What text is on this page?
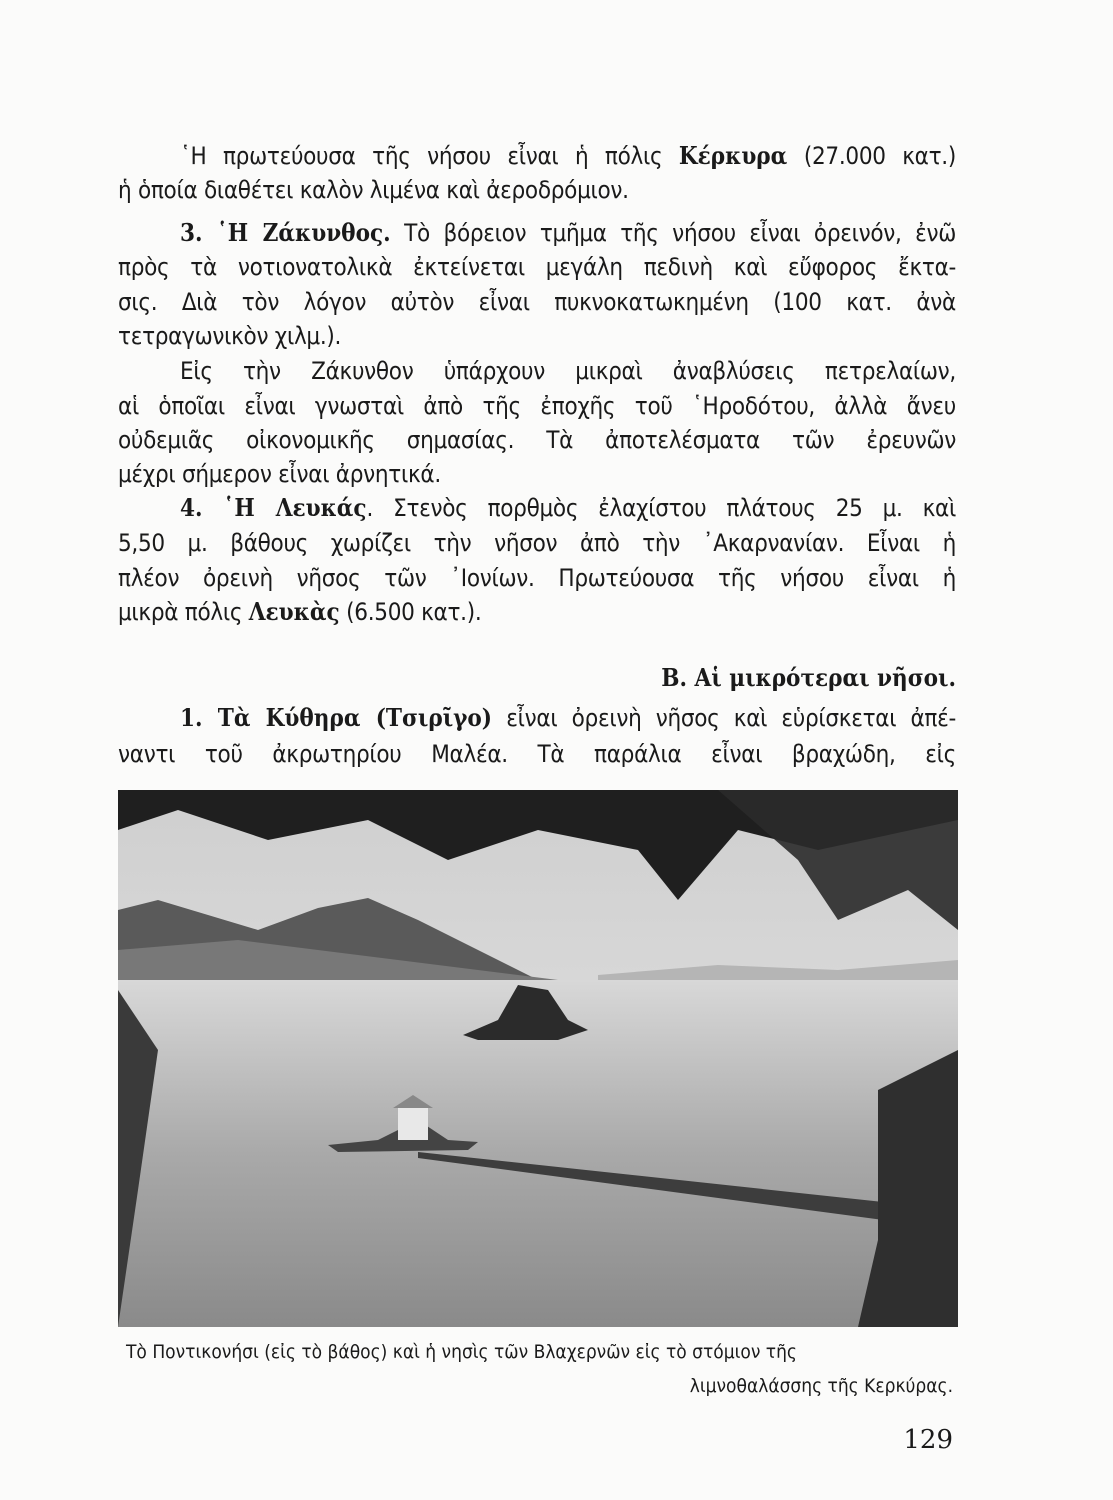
῾Η πρωτεύουσα τῆς νήσου εἶναι ἡ πόλις Κέρκυρα (27.000 κατ.)
ἡ ὁποία διαθέτει καλὸν λιμένα καὶ ἀεροδρόμιον.
3. ῾Η Ζάκυνθος. Τὸ βόρειον τμῆμα τῆς νήσου εἶναι ὀρεινόν, ἐνῶ
πρὸς τὰ νοτιονατολικὰ ἐκτείνεται μεγάλη πεδινὴ καὶ εὔφορος ἔκτα-
σις. Διὰ τὸν λόγον αὐτὸν εἶναι πυκνοκατωκημένη (100 κατ. ἀνὰ
τετραγωνικὸν χιλμ.).
Εἰς τὴν Ζάκυνθον ὑπάρχουν μικραὶ ἀναβλύσεις πετρελαίων,
αἱ ὁποῖαι εἶναι γνωσταὶ ἀπὸ τῆς ἐποχῆς τοῦ ῾Ηροδότου, ἀλλὰ ἄνευ
οὐδεμιᾶς οἰκονομικῆς σημασίας. Τὰ ἀποτελέσματα τῶν ἐρευνῶν
μέχρι σήμερον εἶναι ἀρνητικά.
4. ῾Η Λευκάς. Στενὸς πορθμὸς ἐλαχίστου πλάτους 25 μ. καὶ
5,50 μ. βάθους χωρίζει τὴν νῆσον ἀπὸ τὴν ᾿Ακαρνανίαν. Εἶναι ἡ
πλέον ὀρεινὴ νῆσος τῶν ᾿Ιονίων. Πρωτεύουσα τῆς νήσου εἶναι ἡ
μικρὰ πόλις Λευκὰς (6.500 κατ.).
Β. Αἱ μικρότεραι νῆσοι.
1. Τὰ Κύθηρα (Τσιρῖγο) εἶναι ὀρεινὴ νῆσος καὶ εὑρίσκεται ἀπέ-
ναντι τοῦ ἀκρωτηρίου Μαλέα. Τὰ παράλια εἶναι βραχώδη, εἰς
Τὸ Ποντικονήσι (εἰς τὸ βάθος) καὶ ἡ νησὶς τῶν Βλαχερνῶν εἰς τὸ στόμιον τῆς
λιμνοθαλάσσης τῆς Κερκύρας.
129
